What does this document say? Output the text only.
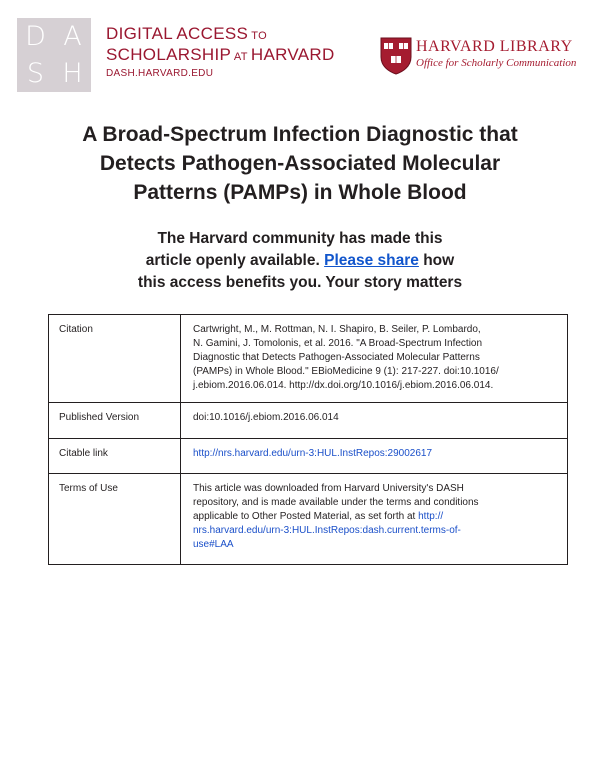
D A
S H
DIGITAL ACCESS TO
SCHOLARSHIP AT HARVARD
DASH.HARVARD.EDU
HARVARD LIBRARY
Office for Scholarly Communication
A Broad-Spectrum Infection Diagnostic that
Detects Pathogen-Associated Molecular
Patterns (PAMPs) in Whole Blood
The Harvard community has made this
article openly available. Please share how
this access benefits you. Your story matters
Citation	Cartwright, M., M. Rottman, N. I. Shapiro, B. Seiler, P. Lombardo,
N. Gamini, J. Tomolonis, et al. 2016. "A Broad-Spectrum Infection
Diagnostic that Detects Pathogen-Associated Molecular Patterns
(PAMPs) in Whole Blood." EBioMedicine 9 (1): 217-227. doi:10.1016/
j.ebiom.2016.06.014. http://dx.doi.org/10.1016/j.ebiom.2016.06.014.

Published Version	doi:10.1016/j.ebiom.2016.06.014
Citable link	http://nrs.harvard.edu/urn-3:HUL.InstRepos:29002617
Terms of Use	This article was downloaded from Harvard University's DASH
repository, and is made available under the terms and conditions
applicable to Other Posted Material, as set forth at http://
nrs.harvard.edu/urn-3:HUL.InstRepos:dash.current.terms-of-
use#LAA
